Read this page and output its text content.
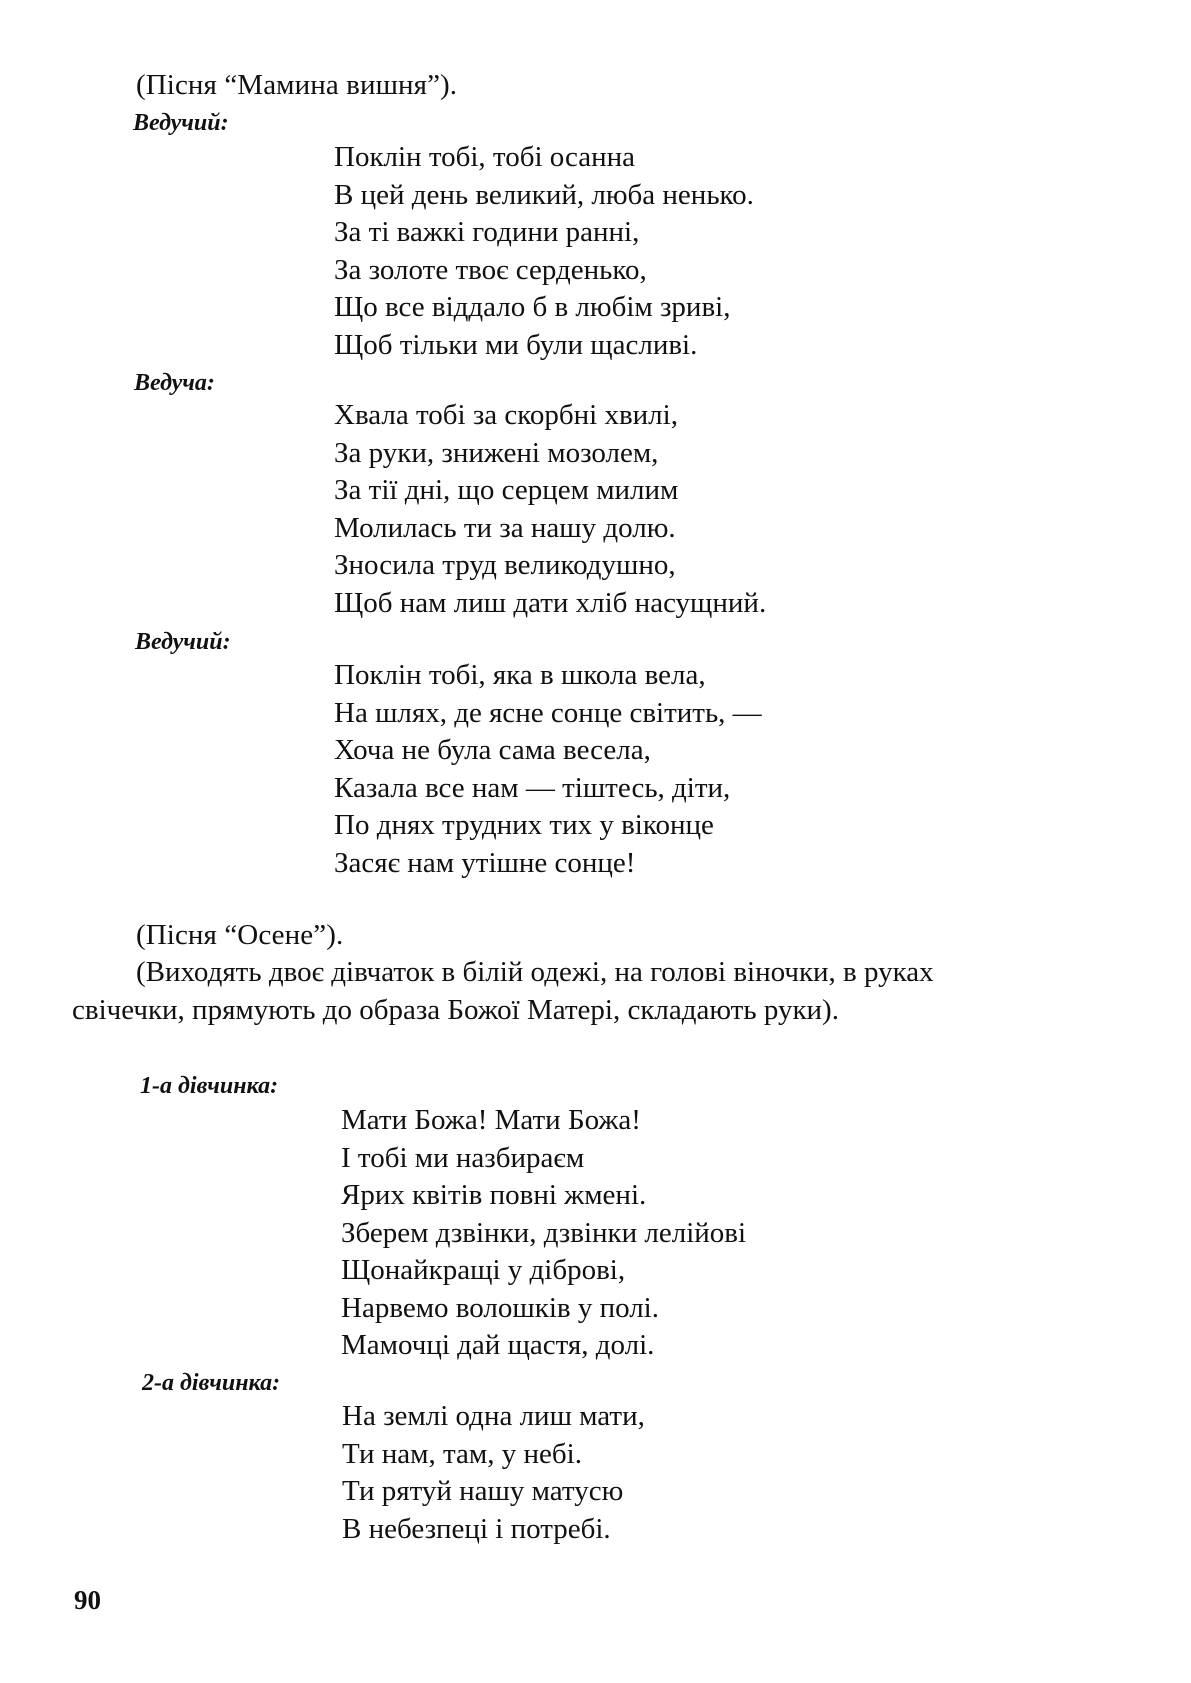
(Пісня “Мамина вишня”).
Ведучий:
Поклін тобі, тобі осанна
В цей день великий, люба ненько.
За ті важкі години ранні,
За золоте твоє серденько,
Що все віддало б в любім зриві,
Щоб тільки ми були щасливі.
Ведуча:
Хвала тобі за скорбні хвилі,
За руки, знижені мозолем,
За тії дні, що серцем милим
Молилась ти за нашу долю.
Зносила труд великодушно,
Щоб нам лиш дати хліб насущний.
Ведучий:
Поклін тобі, яка в школа вела,
На шлях, де ясне сонце світить, —
Хоча не була сама весела,
Казала все нам — тіштесь, діти,
По днях трудних тих у віконце
Засяє нам утішне сонце!
(Пісня “Осене”).
(Виходять двоє дівчаток в білій одежі, на голові віночки, в руках
свічечки, прямують до образа Божої Матері, складають руки).
1-а дівчинка:
Мати Божа! Мати Божа!
І тобі ми назбираєм
Ярих квітів повні жмені.
Зберем дзвінки, дзвінки лелійові
Щонайкращі у діброві,
Нарвемо волошків у полі.
Мамочці дай щастя, долі.
2-а дівчинка:
На землі одна лиш мати,
Ти нам, там, у небі.
Ти рятуй нашу матусю
В небезпеці і потребі.
90
